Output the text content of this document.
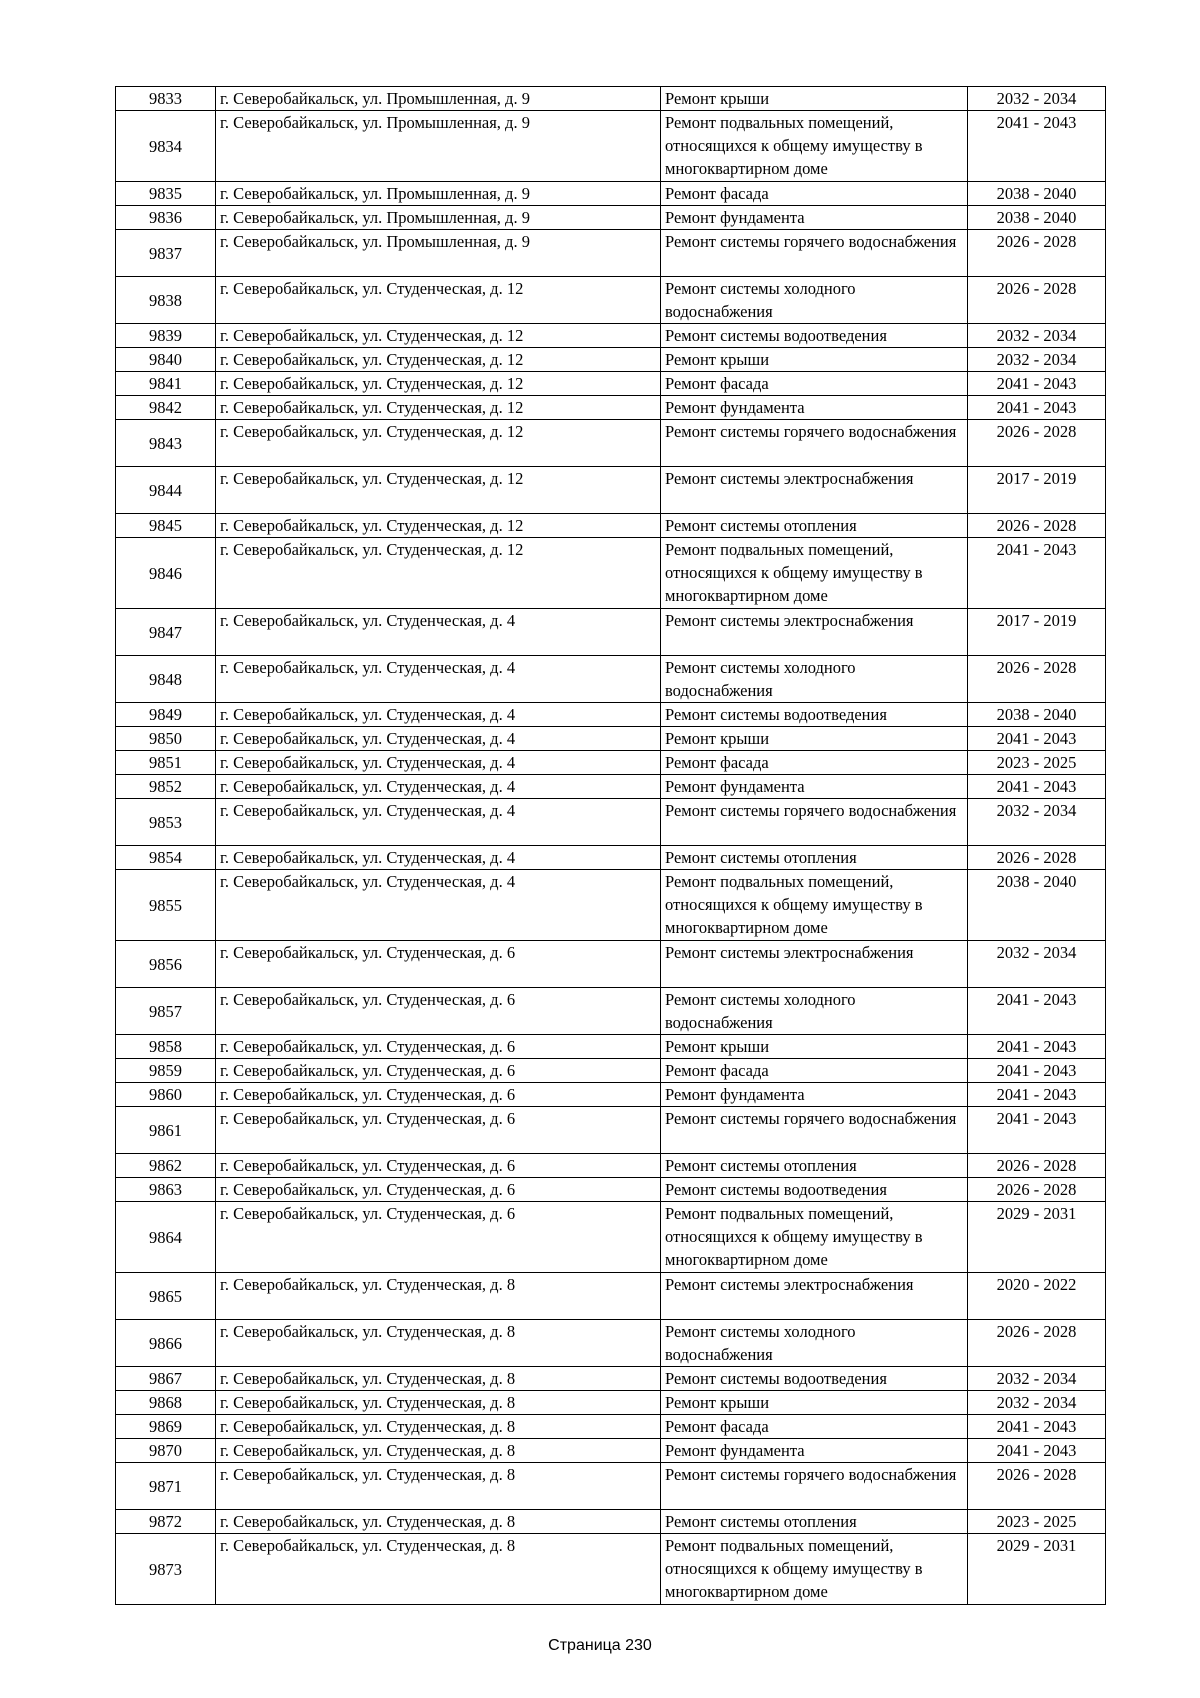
9833	г. Северобайкальск, ул. Промышленная, д. 9	Ремонт крыши	2032 - 2034
9834	г. Северобайкальск, ул. Промышленная, д. 9	Ремонт подвальных помещений, относящихся к общему имуществу в многоквартирном доме	2041 - 2043
9835	г. Северобайкальск, ул. Промышленная, д. 9	Ремонт фасада	2038 - 2040
9836	г. Северобайкальск, ул. Промышленная, д. 9	Ремонт фундамента	2038 - 2040
9837	г. Северобайкальск, ул. Промышленная, д. 9	Ремонт системы горячего водоснабжения	2026 - 2028
9838	г. Северобайкальск, ул. Студенческая, д. 12	Ремонт системы холодного водоснабжения	2026 - 2028
9839	г. Северобайкальск, ул. Студенческая, д. 12	Ремонт системы водоотведения	2032 - 2034
9840	г. Северобайкальск, ул. Студенческая, д. 12	Ремонт крыши	2032 - 2034
9841	г. Северобайкальск, ул. Студенческая, д. 12	Ремонт фасада	2041 - 2043
9842	г. Северобайкальск, ул. Студенческая, д. 12	Ремонт фундамента	2041 - 2043
9843	г. Северобайкальск, ул. Студенческая, д. 12	Ремонт системы горячего водоснабжения	2026 - 2028
9844	г. Северобайкальск, ул. Студенческая, д. 12	Ремонт системы электроснабжения	2017 - 2019
9845	г. Северобайкальск, ул. Студенческая, д. 12	Ремонт системы отопления	2026 - 2028
9846	г. Северобайкальск, ул. Студенческая, д. 12	Ремонт подвальных помещений, относящихся к общему имуществу в многоквартирном доме	2041 - 2043
9847	г. Северобайкальск, ул. Студенческая, д. 4	Ремонт системы электроснабжения	2017 - 2019
9848	г. Северобайкальск, ул. Студенческая, д. 4	Ремонт системы холодного водоснабжения	2026 - 2028
9849	г. Северобайкальск, ул. Студенческая, д. 4	Ремонт системы водоотведения	2038 - 2040
9850	г. Северобайкальск, ул. Студенческая, д. 4	Ремонт крыши	2041 - 2043
9851	г. Северобайкальск, ул. Студенческая, д. 4	Ремонт фасада	2023 - 2025
9852	г. Северобайкальск, ул. Студенческая, д. 4	Ремонт фундамента	2041 - 2043
9853	г. Северобайкальск, ул. Студенческая, д. 4	Ремонт системы горячего водоснабжения	2032 - 2034
9854	г. Северобайкальск, ул. Студенческая, д. 4	Ремонт системы отопления	2026 - 2028
9855	г. Северобайкальск, ул. Студенческая, д. 4	Ремонт подвальных помещений, относящихся к общему имуществу в многоквартирном доме	2038 - 2040
9856	г. Северобайкальск, ул. Студенческая, д. 6	Ремонт системы электроснабжения	2032 - 2034
9857	г. Северобайкальск, ул. Студенческая, д. 6	Ремонт системы холодного водоснабжения	2041 - 2043
9858	г. Северобайкальск, ул. Студенческая, д. 6	Ремонт крыши	2041 - 2043
9859	г. Северобайкальск, ул. Студенческая, д. 6	Ремонт фасада	2041 - 2043
9860	г. Северобайкальск, ул. Студенческая, д. 6	Ремонт фундамента	2041 - 2043
9861	г. Северобайкальск, ул. Студенческая, д. 6	Ремонт системы горячего водоснабжения	2041 - 2043
9862	г. Северобайкальск, ул. Студенческая, д. 6	Ремонт системы отопления	2026 - 2028
9863	г. Северобайкальск, ул. Студенческая, д. 6	Ремонт системы водоотведения	2026 - 2028
9864	г. Северобайкальск, ул. Студенческая, д. 6	Ремонт подвальных помещений, относящихся к общему имуществу в многоквартирном доме	2029 - 2031
9865	г. Северобайкальск, ул. Студенческая, д. 8	Ремонт системы электроснабжения	2020 - 2022
9866	г. Северобайкальск, ул. Студенческая, д. 8	Ремонт системы холодного водоснабжения	2026 - 2028
9867	г. Северобайкальск, ул. Студенческая, д. 8	Ремонт системы водоотведения	2032 - 2034
9868	г. Северобайкальск, ул. Студенческая, д. 8	Ремонт крыши	2032 - 2034
9869	г. Северобайкальск, ул. Студенческая, д. 8	Ремонт фасада	2041 - 2043
9870	г. Северобайкальск, ул. Студенческая, д. 8	Ремонт фундамента	2041 - 2043
9871	г. Северобайкальск, ул. Студенческая, д. 8	Ремонт системы горячего водоснабжения	2026 - 2028
9872	г. Северобайкальск, ул. Студенческая, д. 8	Ремонт системы отопления	2023 - 2025
9873	г. Северобайкальск, ул. Студенческая, д. 8	Ремонт подвальных помещений, относящихся к общему имуществу в многоквартирном доме	2029 - 2031
Страница 230
